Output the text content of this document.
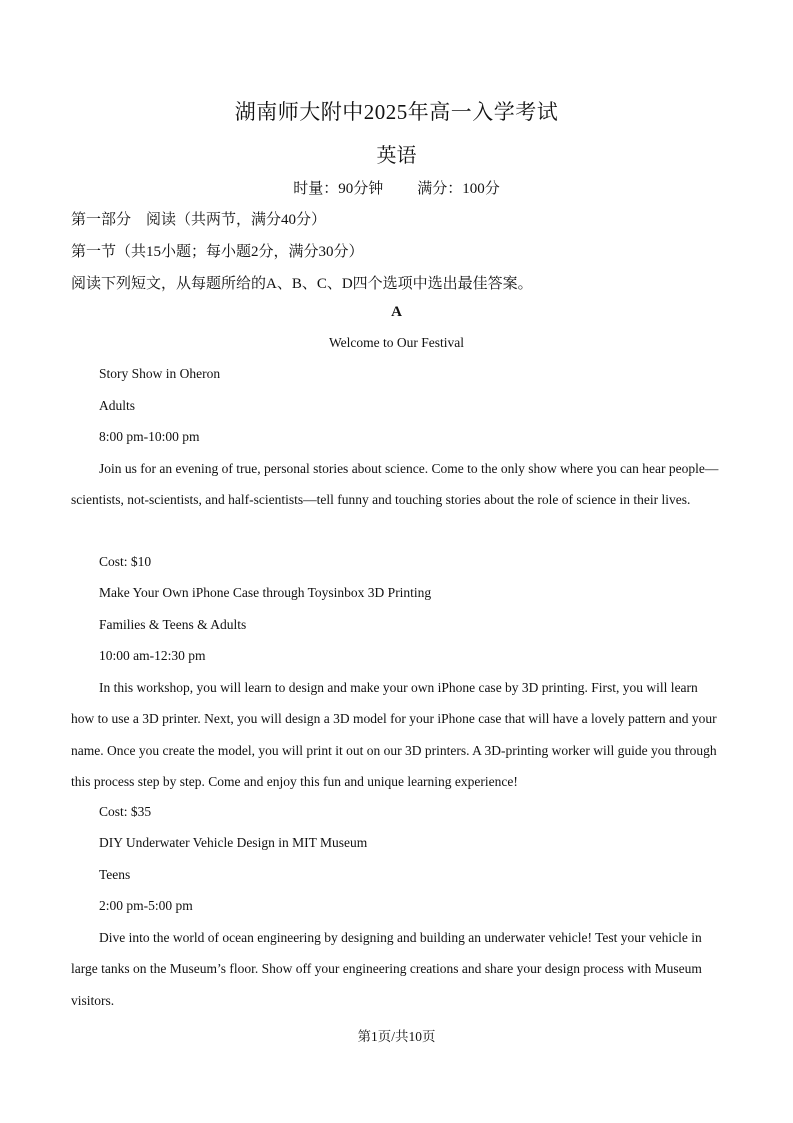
湖南师大附中2025年高一入学考试
英语
时量：90分钟 满分：100分
第一部分　阅读（共两节，满分40分）
第一节（共15小题；每小题2分，满分30分）
阅读下列短文，从每题所给的A、B、C、D四个选项中选出最佳答案。
A
Welcome to Our Festival
Story Show in Oheron
Adults
8:00 pm-10:00 pm
Join us for an evening of true, personal stories about science. Come to the only show where you can hear people—scientists, not-scientists, and half-scientists—tell funny and touching stories about the role of science in their lives.
Cost: $10
Make Your Own iPhone Case through Toysinbox 3D Printing
Families & Teens & Adults
10:00 am-12:30 pm
In this workshop, you will learn to design and make your own iPhone case by 3D printing. First, you will learn how to use a 3D printer. Next, you will design a 3D model for your iPhone case that will have a lovely pattern and your name. Once you create the model, you will print it out on our 3D printers. A 3D-printing worker will guide you through this process step by step. Come and enjoy this fun and unique learning experience!
Cost: $35
DIY Underwater Vehicle Design in MIT Museum
Teens
2:00 pm-5:00 pm
Dive into the world of ocean engineering by designing and building an underwater vehicle! Test your vehicle in large tanks on the Museum’s floor. Show off your engineering creations and share your design process with Museum visitors.
第1页/共10页
